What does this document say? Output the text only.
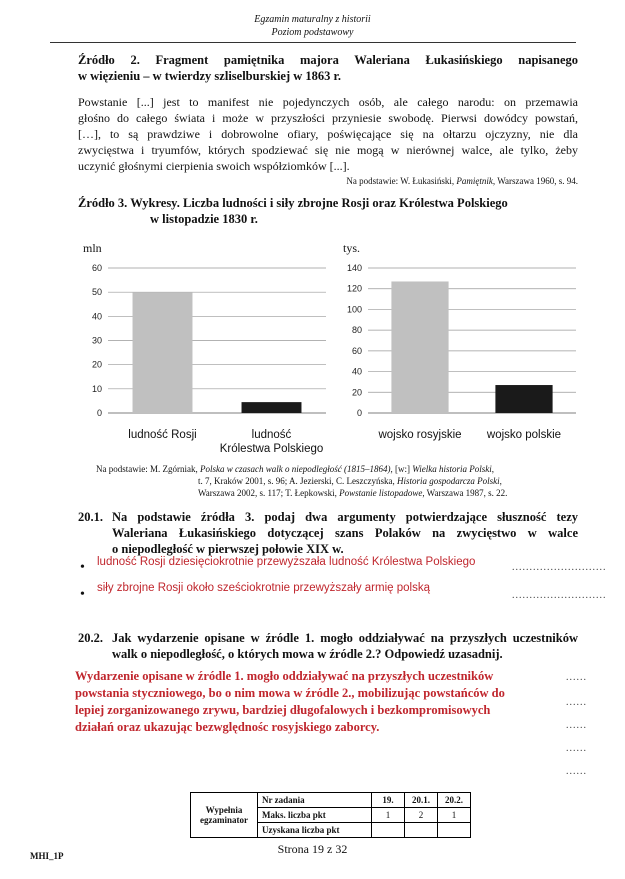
Egzamin maturalny z historii
Poziom podstawowy
Źródło 2. Fragment pamiętnika majora Waleriana Łukasińskiego napisanego
w więzieniu – w twierdzy szliselburskiej w 1863 r.
Powstanie [...] jest to manifest nie pojedynczych osób, ale całego narodu: on przemawia
głośno do całego świata i może w przyszłości przyniesie swobodę. Pierwsi dowódcy powstań,
[…], to są prawdziwe i dobrowolne ofiary, poświęcające się na ołtarzu ojczyzny, nie dla
zwycięstwa i tryumfów, których spodziewać się nie mogą w nierównej walce, ale tylko, żeby
uczynić głośnymi cierpienia swoich współziomków [...].
Na podstawie: W. Łukasiński, Pamiętnik, Warszawa 1960, s. 94.
Źródło 3. Wykresy. Liczba ludności i siły zbrojne Rosji oraz Królestwa Polskiego
w listopadzie 1830 r.
mln
0
10
20
30
40
50
60
ludność Rosji	ludność
Królestwa Polskiego
tys.
0
20
40
60
80
100
120
140
wojsko rosyjskie wojsko polskie
Na podstawie: M. Zgórniak, Polska w czasach walk o niepodległość (1815–1864), [w:] Wielka historia Polski,
t. 7, Kraków 2001, s. 96; A. Jezierski, C. Leszczyńska, Historia gospodarcza Polski,
Warszawa 2002, s. 117; T. Łepkowski, Powstanie listopadowe, Warszawa 1987, s. 22.
20.1. Na podstawie źródła 3. podaj dwa argumenty potwierdzające słuszność tezy
Waleriana Łukasińskiego dotyczącej szans Polaków na zwycięstwo w walce
o niepodległość w pierwszej połowie XIX w.
• ludność Rosji dziesięciokrotnie przewyższała ludność Królestwa Polskiego	...........................
• siły zbrojne Rosji około sześciokrotnie przewyższały armię polską
...........................
20.2. Jak wydarzenie opisane w źródle 1. mogło oddziaływać na przyszłych uczestników
walk o niepodległość, o których mowa w źródle 2.? Odpowiedź uzasadnij.
Wydarzenie opisane w źródle 1. mogło oddziaływać na przyszłych uczestników
powstania styczniowego, bo o nim mowa w źródle 2., mobilizując powstańców do
lepiej zorganizowanego zrywu, bardziej długofalowych i bezkompromisowych
działań oraz ukazując bezwględnośc rosyjskiego zaborcy.
......
......
......
......
......
Wypełnia
egzaminator	Nr zadania	19.	20.1.	20.2.
	Maks. liczba pkt	1	2	1
	Uzyskana liczba pkt			
Strona 19 z 32
MHI_1P
